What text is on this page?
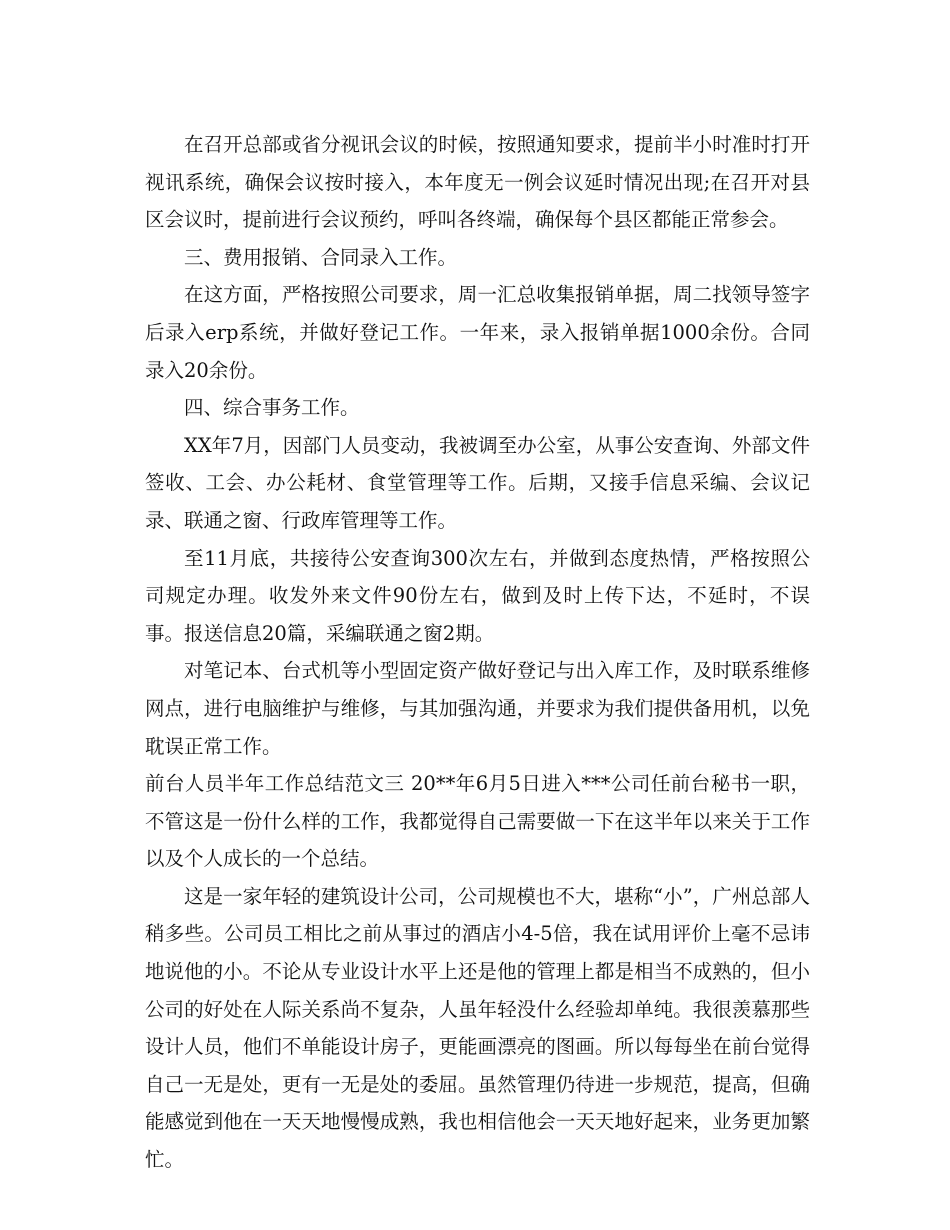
在召开总部或省分视讯会议的时候，按照通知要求，提前半小时准时打开视讯系统，确保会议按时接入，本年度无一例会议延时情况出现;在召开对县区会议时，提前进行会议预约，呼叫各终端，确保每个县区都能正常参会。

三、费用报销、合同录入工作。

在这方面，严格按照公司要求，周一汇总收集报销单据，周二找领导签字后录入erp系统，并做好登记工作。一年来，录入报销单据1000余份。合同录入20余份。

四、综合事务工作。

XX年7月，因部门人员变动，我被调至办公室，从事公安查询、外部文件签收、工会、办公耗材、食堂管理等工作。后期，又接手信息采编、会议记录、联通之窗、行政库管理等工作。

至11月底，共接待公安查询300次左右，并做到态度热情，严格按照公司规定办理。收发外来文件90份左右，做到及时上传下达，不延时，不误事。报送信息20篇，采编联通之窗2期。

对笔记本、台式机等小型固定资产做好登记与出入库工作，及时联系维修网点，进行电脑维护与维修，与其加强沟通，并要求为我们提供备用机，以免耽误正常工作。

前台人员半年工作总结范文三 20**年6月5日进入***公司任前台秘书一职，不管这是一份什么样的工作，我都觉得自己需要做一下在这半年以来关于工作以及个人成长的一个总结。

这是一家年轻的建筑设计公司，公司规模也不大，堪称“小”，广州总部人稍多些。公司员工相比之前从事过的酒店小4-5倍，我在试用评价上毫不忌讳地说他的小。不论从专业设计水平上还是他的管理上都是相当不成熟的，但小公司的好处在人际关系尚不复杂，人虽年轻没什么经验却单纯。我很羡慕那些设计人员，他们不单能设计房子，更能画漂亮的图画。所以每每坐在前台觉得自己一无是处，更有一无是处的委屈。虽然管理仍待进一步规范，提高，但确能感觉到他在一天天地慢慢成熟，我也相信他会一天天地好起来，业务更加繁忙。
